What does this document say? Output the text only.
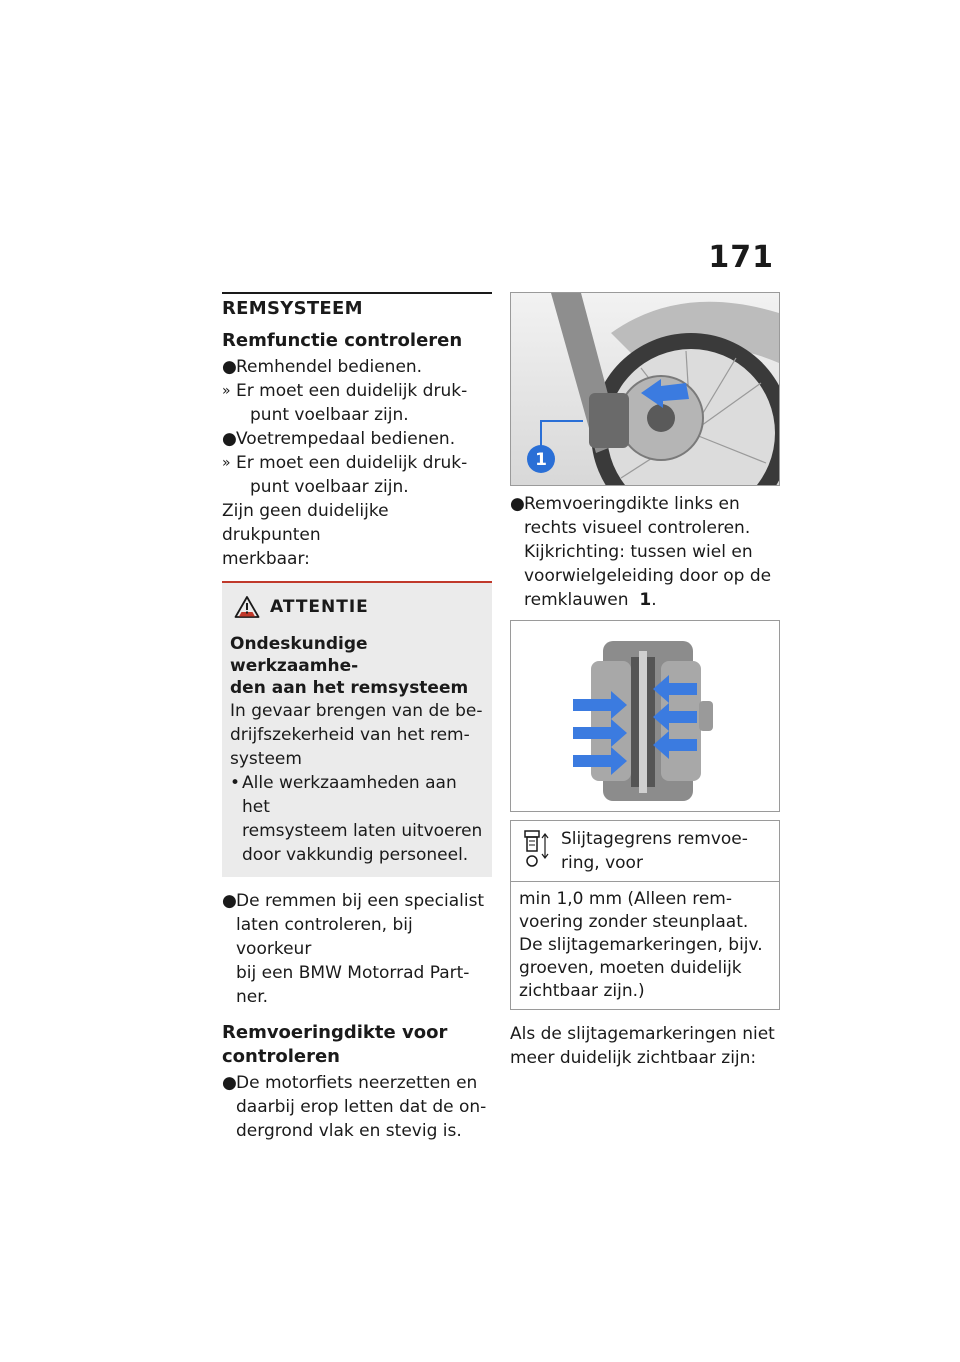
171
REMSYSTEEM
Remfunctie controleren

● Remhendel bedienen.

» Er moet een duidelijk druk-

punt voelbaar zijn.

● Voetrempedaal bedienen.

» Er moet een duidelijk druk-

punt voelbaar zijn.

Zijn geen duidelijke drukpunten

merkbaar:

ATTENTIE
Ondeskundige werkzaamhe-
den aan het remsysteem
In gevaar brengen van de be-
drijfszekerheid van het rem-
systeem
• Alle werkzaamheden aan het
remsysteem laten uitvoeren
door vakkundig personeel.

● De remmen bij een specialist

laten controleren, bij voorkeur

bij een BMW Motorrad Part-

ner.

Remvoeringdikte voor
controleren

● De motorfiets neerzetten en

daarbij erop letten dat de on-

dergrond vlak en stevig is.

1

● Remvoeringdikte links en

rechts visueel controleren.

Kijkrichting: tussen wiel en

voorwielgeleiding door op de

remklauwen 1.

Slijtagegrens remvoe-
ring, voor
min 1,0 mm (Alleen rem-
voering zonder steunplaat.
De slijtagemarkeringen, bijv.
groeven, moeten duidelijk
zichtbaar zijn.)

Als de slijtagemarkeringen niet

meer duidelijk zichtbaar zijn:
